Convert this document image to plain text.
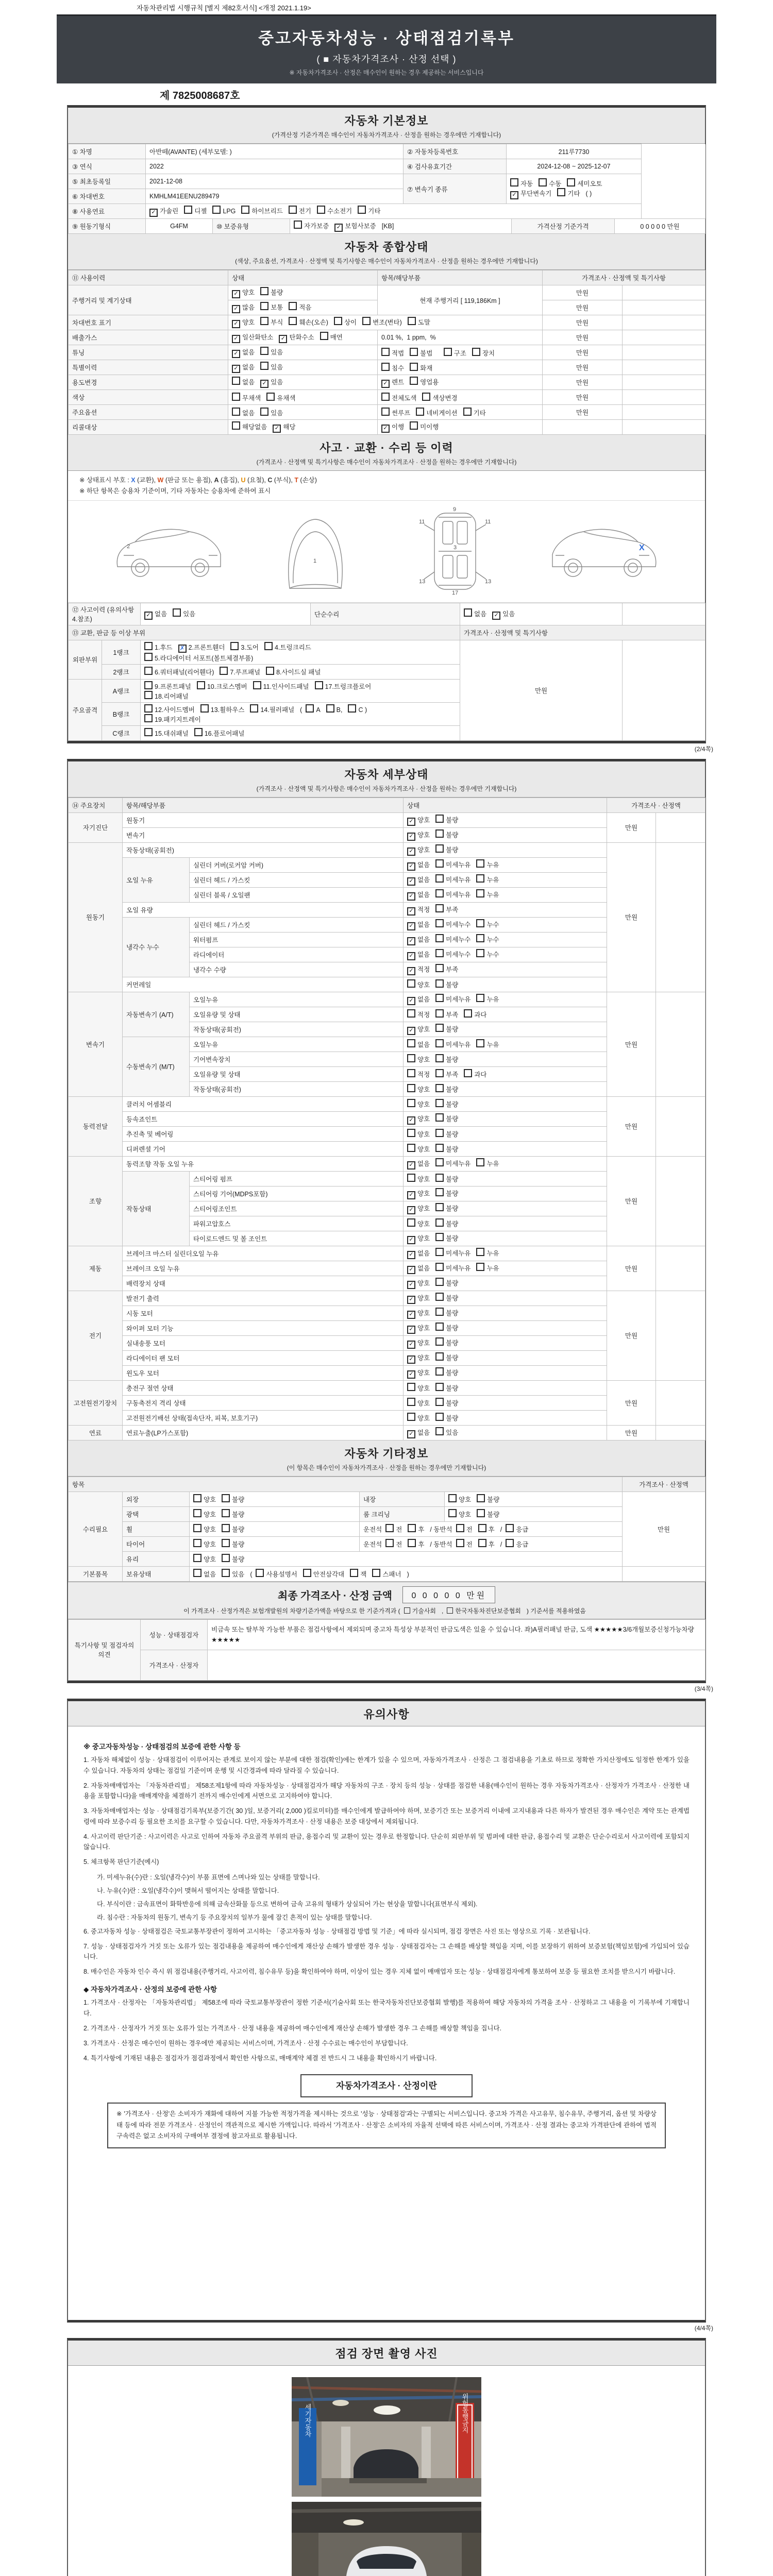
자동차관리법 시행규칙 [별지 제82호서식] <개정 2021.1.19>
중고자동차성능 · 상태점검기록부
( ■ 자동차가격조사 · 산정 선택 )
※ 자동차가격조사 · 산정은 매수인이 원하는 경우 제공하는 서비스입니다
제 7825008687호
자동차 기본정보
(가격산정 기준가격은 매수인이 자동차가격조사 · 산정을 원하는 경우에만 기재합니다)
① 차명	아반떼(AVANTE) (세부모델: )	② 자동차등록번호	211루7730	
③ 연식	2022	④ 검사유효기간	2024-12-08 ~ 2025-12-07	
⑤ 최초등록일	2021-12-08	⑦ 변속기 종류	자동 수동 세미오토
✓ 무단변속기 기타 ( )	
⑥ 차대번호	KMHLM41EENU289479			
⑧ 사용연료	✓ 가솔린 디젤 LPG 하이브리드 전기 수소전기 기타			
⑨ 원동기형식	G4FM	⑩ 보증유형	자가보증 ✓ 보험사보증 [KB]	가격산정 기준가격	0 0 0 0 0 만원
자동차 종합상태
(색상, 주요옵션, 가격조사 · 산정액 및 특기사항은 매수인이 자동차가격조사 · 산정을 원하는 경우에만 기재합니다)
⑪ 사용이력	상태	항목/해당부품	가격조사 · 산정액 및 특기사항	
주행거리 및 계기상태	✓ 양호 불량	현재 주행거리 [ 119,186Km ]	만원	
	✓ 많음 보통 적음		만원	
차대번호 표기	✓ 양호 부식 훼손(오손) 상이 변조(변타) 도말		만원	
배출가스	✓ 일산화탄소 ✓ 탄화수소 매연	0.01 %, 1 ppm, %	만원	
튜닝	✓ 없음 있음	적법 불법 구조 장치	만원	
특별이력	✓ 없음 있음	침수 화재	만원	
용도변경	없음 ✓ 있음	✓ 렌트 영업용	만원	
색상	무채색 유채색	전체도색 색상변경	만원	
주요옵션	없음 있음	썬루프 네비게이션 기타	만원	
리콜대상	해당없음 ✓ 해당	✓ 이행 미이행		
사고 · 교환 · 수리 등 이력
(가격조사 · 산정액 및 특기사항은 매수인이 자동차가격조사 · 산정을 원하는 경우에만 기재합니다)
※ 상태표시 부호 : X (교환), W (판금 또는 용접), A (흠집), U (요철), C (부식), T (손상)
※ 하단 항목은 승용차 기준이며, 기타 자동차는 승용차에 준하여 표시
2
1
11	11
13	13
9
3
17
X
⑫ 사고이력 (유의사항 4.참조)		✓ 없음 있음	단순수리	없음 ✓ 있음	
⑬ 교환, 판금 등 이상 부위				가격조사 · 산정액 및 특기사항	
외판부위	1랭크	1.후드 ✗ 2.프론트휀더 3.도어 4.트렁크리드
5.라디에이터 서포트(볼트체결부품)		만원	
	2랭크	6.쿼터패널(리어휀다) 7.루프패널 8.사이드실 패널			
주요골격	A랭크	9.프론트패널 10.크로스멤버 11.인사이드패널 17.트렁크플로어
18.리어패널			
	B랭크	12.사이드멤버 13.휠하우스 14.필러패널 ( A B, C )
19.패키지트레이			
	C랭크	15.대쉬패널 16.플로어패널			
(2/4쪽)
자동차 세부상태
(가격조사 · 산정액 및 특기사항은 매수인이 자동차가격조사 · 산정을 원하는 경우에만 기재합니다)
⑭ 주요장치	항목/해당부품		상태	가격조사 · 산정액	
자기진단	원동기		✓ 양호 불량	만원	
	변속기		✓ 양호 불량		
원동기	작동상태(공회전)		✓ 양호 불량	만원	
	오일 누유	실린더 커버(로커암 커버)	✓ 없음 미세누유 누유		
		실린더 헤드 / 가스킷	✓ 없음 미세누유 누유		
		실린더 블록 / 오일팬	✓ 없음 미세누유 누유		
	오일 유량		✓ 적정 부족		
	냉각수 누수	실린더 헤드 / 가스킷	✓ 없음 미세누수 누수		
		워터펌프	✓ 없음 미세누수 누수		
		라디에이터	✓ 없음 미세누수 누수		
		냉각수 수량	✓ 적정 부족		
	커먼레일		양호 불량		
변속기	자동변속기 (A/T)	오일누유	✓ 없음 미세누유 누유	만원	
		오일유량 및 상태	적정 부족 과다		
		작동상태(공회전)	✓ 양호 불량		
	수동변속기 (M/T)	오일누유	없음 미세누유 누유		
		기어변속장치	양호 불량		
		오일유량 및 상태	적정 부족 과다		
		작동상태(공회전)	양호 불량		
동력전달	클러치 어셈블리		양호 불량	만원	
	등속죠인트		✓ 양호 불량		
	추진축 및 베어링		양호 불량		
	디퍼렌셜 기어		양호 불량		
조향	동력조향 작동 오일 누유		✓ 없음 미세누유 누유	만원	
	작동상태	스티어링 펌프	양호 불량		
		스티어링 기어(MDPS포함)	✓ 양호 불량		
		스티어링조인트	✓ 양호 불량		
		파워고압호스	양호 불량		
		타이로드엔드 및 볼 조인트	✓ 양호 불량		
제동	브레이크 마스터 실린더오일 누유		✓ 없음 미세누유 누유	만원	
	브레이크 오일 누유		✓ 없음 미세누유 누유		
	배력장치 상태		✓ 양호 불량		
전기	발전기 출력		✓ 양호 불량	만원	
	시동 모터		✓ 양호 불량		
	와이퍼 모터 기능		✓ 양호 불량		
	실내송풍 모터		✓ 양호 불량		
	라디에이터 팬 모터		✓ 양호 불량		
	윈도우 모터		✓ 양호 불량		
고전원전기장치	충전구 절연 상태		양호 불량	만원	
	구동축전지 격리 상태		양호 불량		
	고전원전기배선 상태(접속단자, 피복, 보호기구)		양호 불량		
연료	연료누출(LP가스포함)		✓ 없음 있음	만원	
자동차 기타정보
(이 항목은 매수인이 자동차가격조사 · 산정을 원하는 경우에만 기재합니다)
항목					가격조사 · 산정액
수리필요	외장	양호 불량	내장	양호 불량	만원
	광택	양호 불량	룸 크리닝	양호 불량	
	휠	양호 불량	운전석 전 후 / 동반석 전 후 / 응급		
	타이어	양호 불량	운전석 전 후 / 동반석 전 후 / 응급		
	유리	양호 불량			
기본품목	보유상태	없음 있음 ( 사용설명서 안전삼각대 잭 스패너 )			
최종 가격조사 · 산정 금액 0 0 0 0 0 만원
이 가격조사 · 산정가격은 보험개발원의 차량기준가액을 바탕으로 한 기준가격과 ( 기술사회 , 한국자동차진단보증협회 ) 기준서를 적용하였음
특기사항 및 점검자의 의견	성능 · 상태점검자	비금속 또는 탈부착 가능한 부품은 점검사항에서 제외되며 중고차 특성상 부분적인 판금도색은 있을 수 있습니다. 좌)A필러패널 판금, 도색 ★★★★★3/6개월보증신청가능차량★★★★★
	가격조사 · 산정자	
(3/4쪽)
유의사항
※ 중고자동차성능 · 상태점검의 보증에 관한 사항 등
1. 자동차 해체없이 성능 · 상태점검이 이루어지는 관계로 보이지 않는 부분에 대한 점검(확인)에는 한계가 있을 수 있으며, 자동차가격조사 · 산정은 그 점검내용을 기초로 하므로 정확한 가치산정에도 일정한 한계가 있을 수 있습니다. 자동차의 상태는 점검일 기준이며 운행 및 시간경과에 따라 달라질 수 있습니다.
2. 자동차매매업자는 「자동차관리법」 제58조제1항에 따라 자동차성능 · 상태점검자가 해당 자동차의 구조 · 장치 등의 성능 · 상태를 점검한 내용(매수인이 원하는 경우 자동차가격조사 · 산정자가 가격조사 · 산정한 내용을 포함합니다)을 매매계약을 체결하기 전까지 매수인에게 서면으로 고지하여야 합니다.
3. 자동차매매업자는 성능 · 상태점검기록부(보증기간( 30 )일, 보증거리( 2,000 )킬로미터)를 매수인에게 발급하여야 하며, 보증기간 또는 보증거리 이내에 고지내용과 다른 하자가 발견된 경우 매수인은 계약 또는 관계법령에 따라 보증수리 등 필요한 조치를 요구할 수 있습니다. 다만, 자동차가격조사 · 산정 내용은 보증 대상에서 제외됩니다.
4. 사고이력 판단기준 : 사고이력은 사고로 인하여 자동차 주요골격 부위의 판금, 용접수리 및 교환이 있는 경우로 한정합니다. 단순히 외판부위 및 범퍼에 대한 판금, 용접수리 및 교환은 단순수리로서 사고이력에 포함되지 않습니다.
5. 체크항목 판단기준(예시)
가. 미세누유(수)란 : 오일(냉각수)이 부품 표면에 스며나와 있는 상태를 말합니다.
나. 누유(수)란 : 오일(냉각수)이 맺혀서 떨어지는 상태를 말합니다.
다. 부식이란 : 금속표면이 화학반응에 의해 금속산화물 등으로 변하여 금속 고유의 형태가 상실되어 가는 현상을 말합니다(표면부식 제외).
라. 침수란 : 자동차의 원동기, 변속기 등 주요장치의 일부가 물에 잠긴 흔적이 있는 상태를 말합니다.
6. 중고자동차 성능 · 상태점검은 국토교통부장관이 정하여 고시하는 「중고자동차 성능 · 상태점검 방법 및 기준」에 따라 실시되며, 점검 장면은 사진 또는 영상으로 기록 · 보관됩니다.
7. 성능 · 상태점검자가 거짓 또는 오류가 있는 점검내용을 제공하여 매수인에게 재산상 손해가 발생한 경우 성능 · 상태점검자는 그 손해를 배상할 책임을 지며, 이를 보장하기 위하여 보증보험(책임보험)에 가입되어 있습니다.
8. 매수인은 자동차 인수 즉시 위 점검내용(주행거리, 사고이력, 침수유무 등)을 확인하여야 하며, 이상이 있는 경우 지체 없이 매매업자 또는 성능 · 상태점검자에게 통보하여 보증 등 필요한 조치를 받으시기 바랍니다.
◆ 자동차가격조사 · 산정의 보증에 관한 사항
1. 가격조사 · 산정자는 「자동차관리법」 제58조에 따라 국토교통부장관이 정한 기준서(기술사회 또는 한국자동차진단보증협회 발행)를 적용하여 해당 자동차의 가격을 조사 · 산정하고 그 내용을 이 기록부에 기재합니다.
2. 가격조사 · 산정자가 거짓 또는 오류가 있는 가격조사 · 산정 내용을 제공하여 매수인에게 재산상 손해가 발생한 경우 그 손해를 배상할 책임을 집니다.
3. 가격조사 · 산정은 매수인이 원하는 경우에만 제공되는 서비스이며, 가격조사 · 산정 수수료는 매수인이 부담합니다.
4. 특기사항에 기재된 내용은 점검자가 점검과정에서 확인한 사항으로, 매매계약 체결 전 반드시 그 내용을 확인하시기 바랍니다.
자동차가격조사 · 산정이란
※ '가격조사 · 산정'은 소비자가 재화에 대하여 지불 가능한 적정가격을 제시하는 것으로 '성능 · 상태점검'과는 구별되는 서비스입니다. 중고차 가격은 사고유무, 침수유무, 주행거리, 옵션 및 차량상태 등에 따라 전문 가격조사 · 산정인이 객관적으로 제시한 가액입니다. 따라서 '가격조사 · 산정'은 소비자의 자율적 선택에 따른 서비스이며, 가격조사 · 산정 결과는 중고차 가격판단에 관하여 법적 구속력은 없고 소비자의 구매여부 결정에 참고자료로 활용됩니다.
(4/4쪽)
점검 장면 촬영 사진
세기자동차	위험통행금지
